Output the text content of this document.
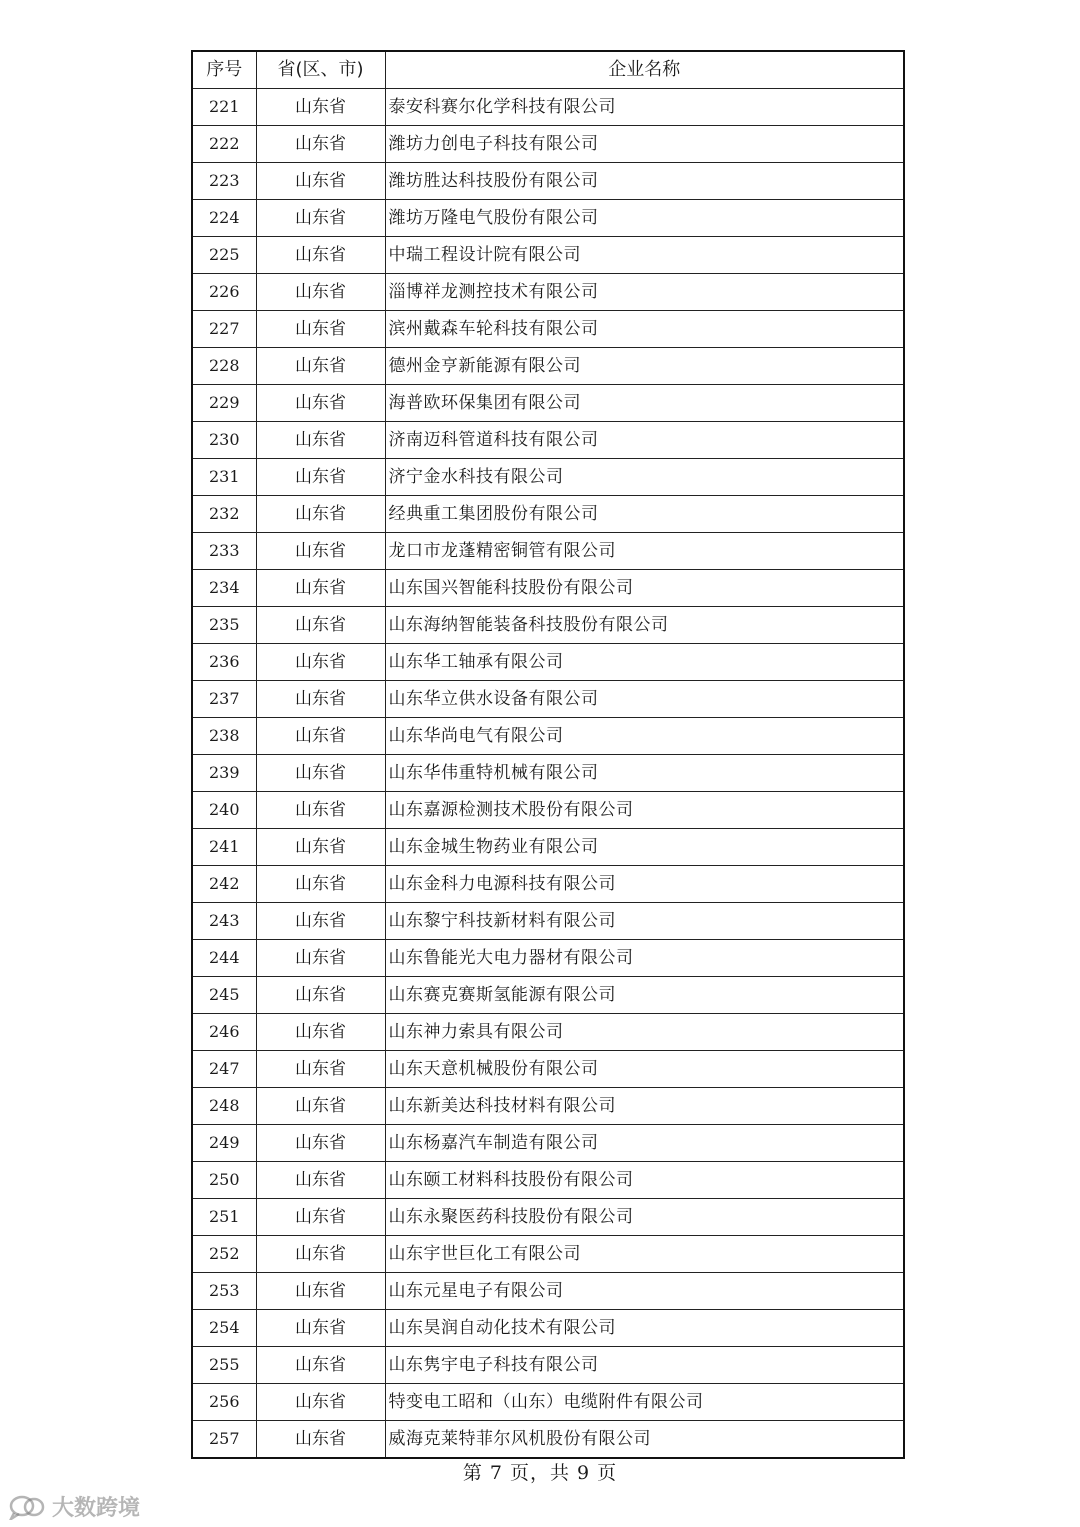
序号	省(区、市)	企业名称
221	山东省	泰安科赛尔化学科技有限公司
222	山东省	潍坊力创电子科技有限公司
223	山东省	潍坊胜达科技股份有限公司
224	山东省	潍坊万隆电气股份有限公司
225	山东省	中瑞工程设计院有限公司
226	山东省	淄博祥龙测控技术有限公司
227	山东省	滨州戴森车轮科技有限公司
228	山东省	德州金亨新能源有限公司
229	山东省	海普欧环保集团有限公司
230	山东省	济南迈科管道科技有限公司
231	山东省	济宁金水科技有限公司
232	山东省	经典重工集团股份有限公司
233	山东省	龙口市龙蓬精密铜管有限公司
234	山东省	山东国兴智能科技股份有限公司
235	山东省	山东海纳智能装备科技股份有限公司
236	山东省	山东华工轴承有限公司
237	山东省	山东华立供水设备有限公司
238	山东省	山东华尚电气有限公司
239	山东省	山东华伟重特机械有限公司
240	山东省	山东嘉源检测技术股份有限公司
241	山东省	山东金城生物药业有限公司
242	山东省	山东金科力电源科技有限公司
243	山东省	山东黎宁科技新材料有限公司
244	山东省	山东鲁能光大电力器材有限公司
245	山东省	山东赛克赛斯氢能源有限公司
246	山东省	山东神力索具有限公司
247	山东省	山东天意机械股份有限公司
248	山东省	山东新美达科技材料有限公司
249	山东省	山东杨嘉汽车制造有限公司
250	山东省	山东颐工材料科技股份有限公司
251	山东省	山东永聚医药科技股份有限公司
252	山东省	山东宇世巨化工有限公司
253	山东省	山东元星电子有限公司
254	山东省	山东昊润自动化技术有限公司
255	山东省	山东隽宇电子科技有限公司
256	山东省	特变电工昭和（山东）电缆附件有限公司
257	山东省	威海克莱特菲尔风机股份有限公司
第 7 页，共 9 页
大数跨境
